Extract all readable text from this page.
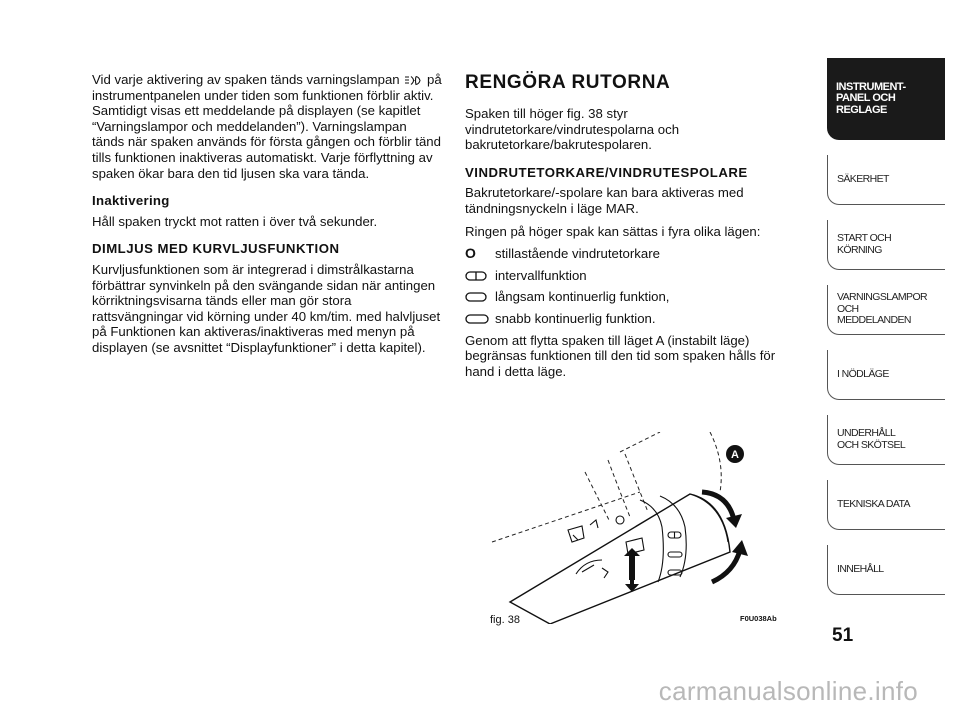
Vid varje aktivering av spaken tänds varningslampan på instrumentpanelen under tiden som funktionen förblir aktiv. Samtidigt visas ett meddelande på displayen (se kapitlet “Varningslampor och meddelanden”). Varningslampan tänds när spaken används för första gången och förblir tänd tills funktionen inaktiveras automatiskt. Varje förflyttning av spaken ökar bara den tid ljusen ska vara tända.

Inaktivering

Håll spaken tryckt mot ratten i över två sekunder.

DIMLJUS MED KURVLJUSFUNKTION

Kurvljusfunktionen som är integrerad i dimstrålkastarna förbättrar synvinkeln på den svängande sidan när antingen körriktningsvisarna tänds eller man gör stora rattsvängningar vid körning under 40 km/tim. med halvljuset på Funktionen kan aktiveras/inaktiveras med menyn på displayen (se avsnittet “Displayfunktioner” i detta kapitel).

RENGÖRA RUTORNA

Spaken till höger fig. 38 styr vindrutetorkare/vindrutespolarna och bakrutetorkare/bakrutespolaren.

VINDRUTETORKARE/VINDRUTESPOLARE

Bakrutetorkare/-spolare kan bara aktiveras med tändningsnyckeln i läge MAR.

Ringen på höger spak kan sättas i fyra olika lägen:

O	stillastående vindrutetorkare
intervallfunktion
långsam kontinuerlig funktion,
snabb kontinuerlig funktion.

Genom att flytta spaken till läget A (instabilt läge) begränsas funktionen till den tid som spaken hålls för hand i detta läge.

A
fig. 38	F0U038Ab
INSTRUMENT-
PANEL OCH
REGLAGE
SÄKERHET
START OCH
KÖRNING
VARNINGSLAMPOR
OCH
MEDDELANDEN
I NÖDLÄGE
UNDERHÅLL
OCH SKÖTSEL
TEKNISKA DATA
INNEHÅLL
51
carmanualsonline.info
